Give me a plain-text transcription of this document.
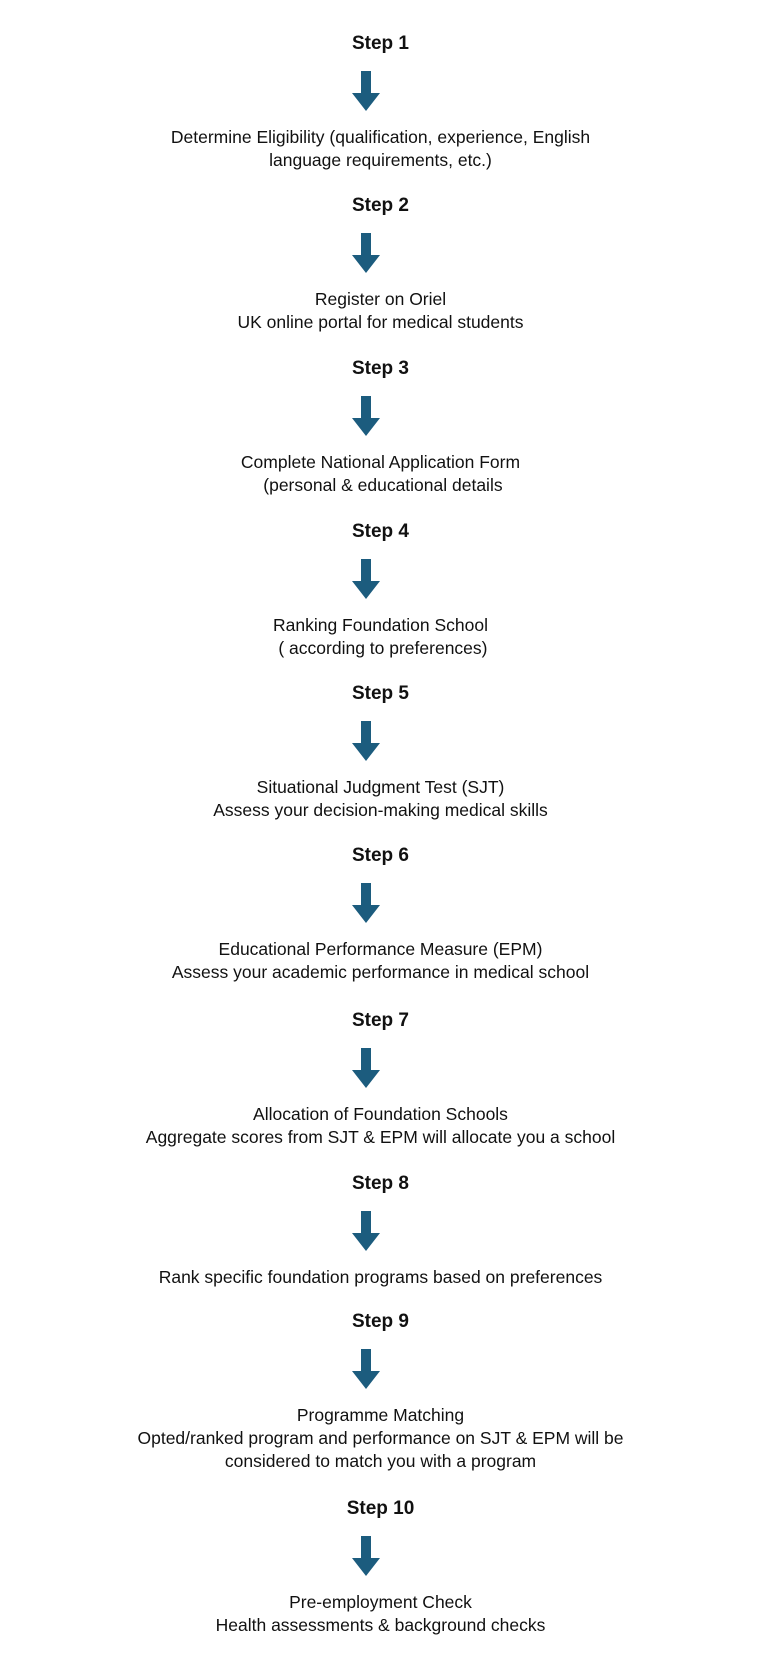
Step 1
Determine Eligibility (qualification, experience, English
language requirements, etc.)
Step 2
Register on Oriel
UK online portal for medical students
Step 3
Complete National Application Form
(personal & educational details
Step 4
Ranking Foundation School
( according to preferences)
Step 5
Situational Judgment Test (SJT)
Assess your decision-making medical skills
Step 6
Educational Performance Measure (EPM)
Assess your academic performance in medical school
Step 7
Allocation of Foundation Schools
Aggregate scores from SJT & EPM will allocate you a school
Step 8
Rank specific foundation programs based on preferences
Step 9
Programme Matching
Opted/ranked program and performance on SJT & EPM will be
considered to match you with a program
Step 10
Pre-employment Check
Health assessments & background checks
